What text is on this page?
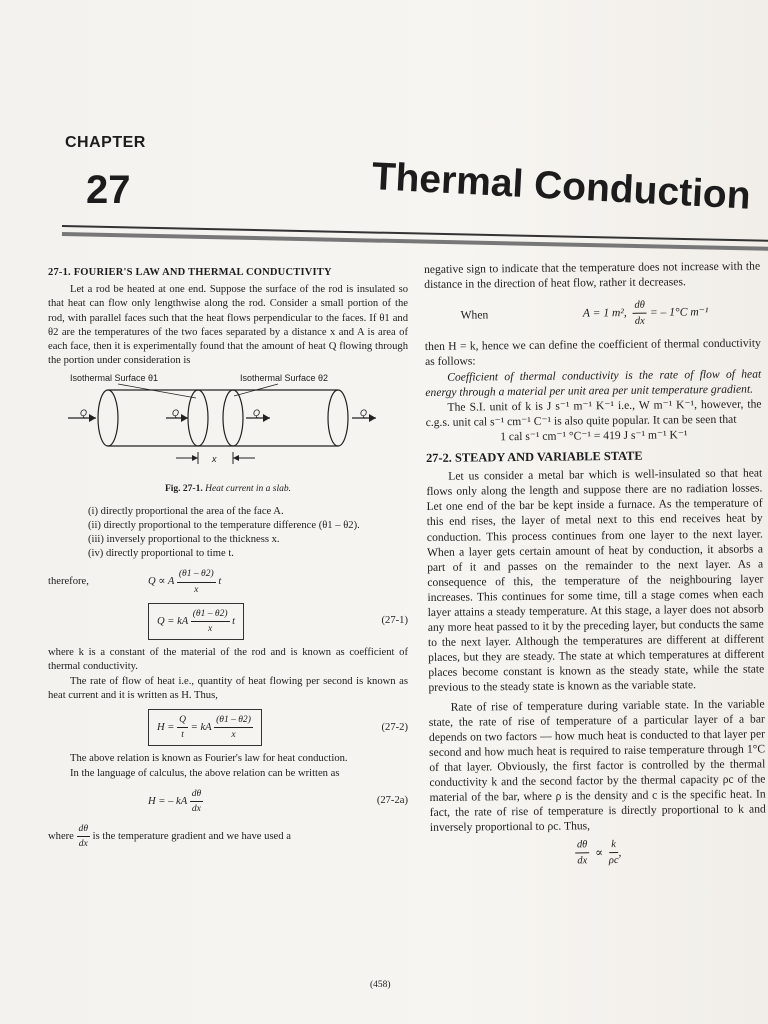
CHAPTER
27	Thermal Conduction
27-1. FOURIER'S LAW AND THERMAL CONDUCTIVITY

Let a rod be heated at one end. Suppose the surface of the rod is insulated so that heat can flow only lengthwise along the rod. Consider a small portion of the rod, with parallel faces such that the heat flows perpendicular to the faces. If θ1 and θ2 are the temperatures of the two faces separated by a distance x and A is area of each face, then it is experimentally found that the amount of heat Q flowing through the portion under consideration is

Isothermal Surface θ1	Isothermal Surface θ2
Q	Q	Q	Q
x
Fig. 27-1. Heat current in a slab.

(i) directly proportional the area of the face A.

(ii) directly proportional to the temperature difference (θ1 – θ2).

(iii) inversely proportional to the thickness x.

(iv) directly proportional to time t.

therefore,	Q ∝ A $\frac{(\theta 1 - \theta 2)}{x}$ t
Q = kA $\frac{(\theta 1 - \theta 2)}{x}$ t	(27-1)

where k is a constant of the material of the rod and is known as coefficient of thermal conductivity.

The rate of flow of heat i.e., quantity of heat flowing per second is known as heat current and it is written as H. Thus,

$H = \frac{Q}{t}$ = kA $\frac{(\theta 1 - \theta 2)}{x}$	(27-2)

The above relation is known as Fourier's law for heat conduction.

In the language of calculus, the above relation can be written as

H = – kA $\frac{d\theta}{dx}$	(27-2a)

where $\frac{d\theta}{dx}$ is the temperature gradient and we have used a

negative sign to indicate that the temperature does not increase with the distance in the direction of heat flow, rather it decreases.

When	A = 1 m², $\frac{d\theta}{dx}$ = – 1°C m⁻¹

then H = k, hence we can define the coefficient of thermal conductivity as follows:

Coefficient of thermal conductivity is the rate of flow of heat energy through a material per unit area per unit temperature gradient.

The S.I. unit of k is J s⁻¹ m⁻¹ K⁻¹ i.e., W m⁻¹ K⁻¹, however, the c.g.s. unit cal s⁻¹ cm⁻¹ C⁻¹ is also quite popular. It can be seen that

1 cal s⁻¹ cm⁻¹ °C⁻¹ = 419 J s⁻¹ m⁻¹ K⁻¹

27-2. STEADY AND VARIABLE STATE

Let us consider a metal bar which is well-insulated so that heat flows only along the length and suppose there are no radiation losses. Let one end of the bar be kept inside a furnace. As the temperature of this end rises, the layer of metal next to this end receives heat by conduction. This process continues from one layer to the next layer. When a layer gets certain amount of heat by conduction, it absorbs a part of it and passes on the remainder to the next layer. As a consequence of this, the temperature of the neighbouring layer increases. This continues for some time, till a stage comes when each layer attains a steady temperature. At this stage, a layer does not absorb any more heat passed to it by the preceding layer, but conducts the same to the next layer. Although the temperatures are different at different places, but they are steady. The state at which temperatures at different places become constant is known as the steady state, while the state previous to the steady state is known as the variable state.

Rate of rise of temperature during variable state. In the variable state, the rate of rise of temperature of a particular layer of a bar depends on two factors — how much heat is conducted to that layer per second and how much heat is required to raise temperature through 1°C of that layer. Obviously, the first factor is controlled by the thermal conductivity k and the second factor by the thermal capacity ρc of the material of the bar, where ρ is the density and c is the specific heat. In fact, the rate of rise of temperature is directly proportional to k and inversely proportional to ρc. Thus,

$\frac{d\theta}{dx}$
∝
$\frac{k}{\rho c}$ ,
(458)
